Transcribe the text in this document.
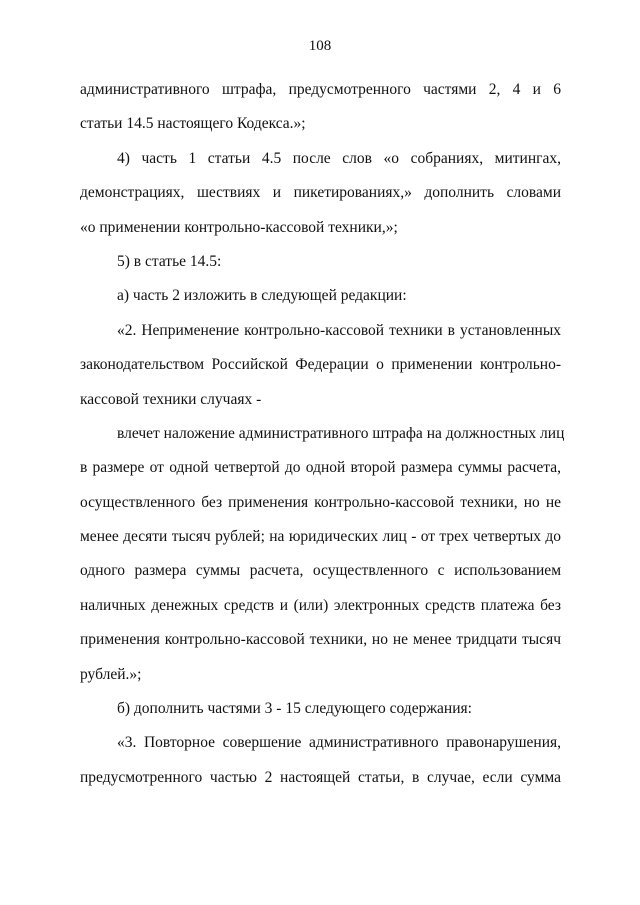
108
административного штрафа, предусмотренного частями 2, 4 и 6
статьи 14.5 настоящего Кодекса.»;
4) часть 1 статьи 4.5 после слов «о собраниях, митингах,
демонстрациях, шествиях и пикетированиях,» дополнить словами
«о применении контрольно-кассовой техники,»;
5) в статье 14.5:
а) часть 2 изложить в следующей редакции:
«2. Неприменение контрольно-кассовой техники в установленных
законодательством Российской Федерации о применении контрольно-
кассовой техники случаях -
влечет наложение административного штрафа на должностных лиц
в размере от одной четвертой до одной второй размера суммы расчета,
осуществленного без применения контрольно-кассовой техники, но не
менее десяти тысяч рублей; на юридических лиц - от трех четвертых до
одного размера суммы расчета, осуществленного с использованием
наличных денежных средств и (или) электронных средств платежа без
применения контрольно-кассовой техники, но не менее тридцати тысяч
рублей.»;
б) дополнить частями 3 - 15 следующего содержания:
«3. Повторное совершение административного правонарушения,
предусмотренного частью 2 настоящей статьи, в случае, если сумма
